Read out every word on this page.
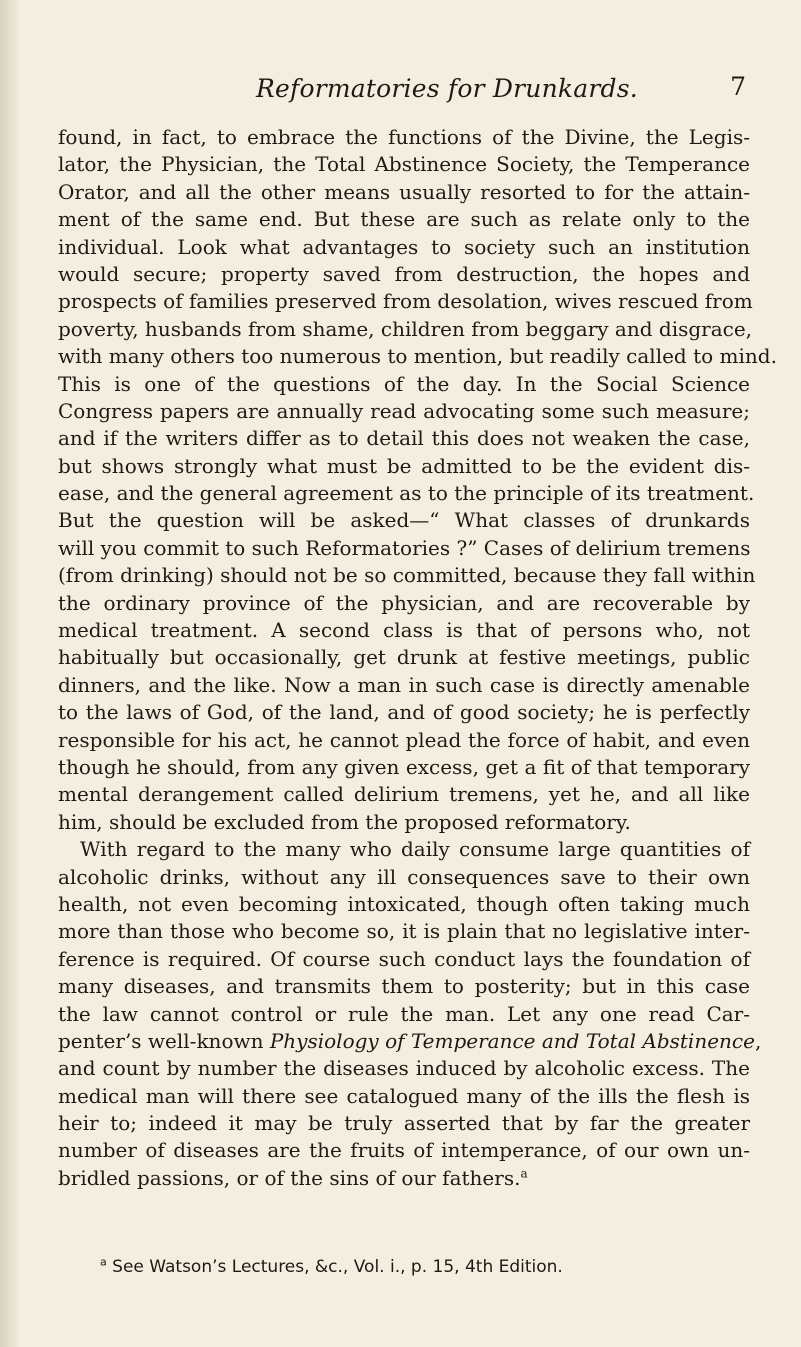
Reformatories for Drunkards.	7
found, in fact, to embrace the functions of the Divine, the Legis-
lator, the Physician, the Total Abstinence Society, the Temperance
Orator, and all the other means usually resorted to for the attain-
ment of the same end. But these are such as relate only to the
individual. Look what advantages to society such an institution
would secure; property saved from destruction, the hopes and
prospects of families preserved from desolation, wives rescued from
poverty, husbands from shame, children from beggary and disgrace,
with many others too numerous to mention, but readily called to mind.
This is one of the questions of the day. In the Social Science
Congress papers are annually read advocating some such measure;
and if the writers differ as to detail this does not weaken the case,
but shows strongly what must be admitted to be the evident dis-
ease, and the general agreement as to the principle of its treatment.
But the question will be asked—“ What classes of drunkards
will you commit to such Reformatories ?” Cases of delirium tremens
(from drinking) should not be so committed, because they fall within
the ordinary province of the physician, and are recoverable by
medical treatment. A second class is that of persons who, not
habitually but occasionally, get drunk at festive meetings, public
dinners, and the like. Now a man in such case is directly amenable
to the laws of God, of the land, and of good society; he is perfectly
responsible for his act, he cannot plead the force of habit, and even
though he should, from any given excess, get a fit of that temporary
mental derangement called delirium tremens, yet he, and all like
him, should be excluded from the proposed reformatory.
With regard to the many who daily consume large quantities of
alcoholic drinks, without any ill consequences save to their own
health, not even becoming intoxicated, though often taking much
more than those who become so, it is plain that no legislative inter-
ference is required. Of course such conduct lays the foundation of
many diseases, and transmits them to posterity; but in this case
the law cannot control or rule the man. Let any one read Car-
penter’s well-known Physiology of Temperance and Total Abstinence,
and count by number the diseases induced by alcoholic excess. The
medical man will there see catalogued many of the ills the flesh is
heir to; indeed it may be truly asserted that by far the greater
number of diseases are the fruits of intemperance, of our own un-
bridled passions, or of the sins of our fathers.$^a$
$^a$ See Watson’s Lectures, &c., Vol. i., p. 15, 4th Edition.
